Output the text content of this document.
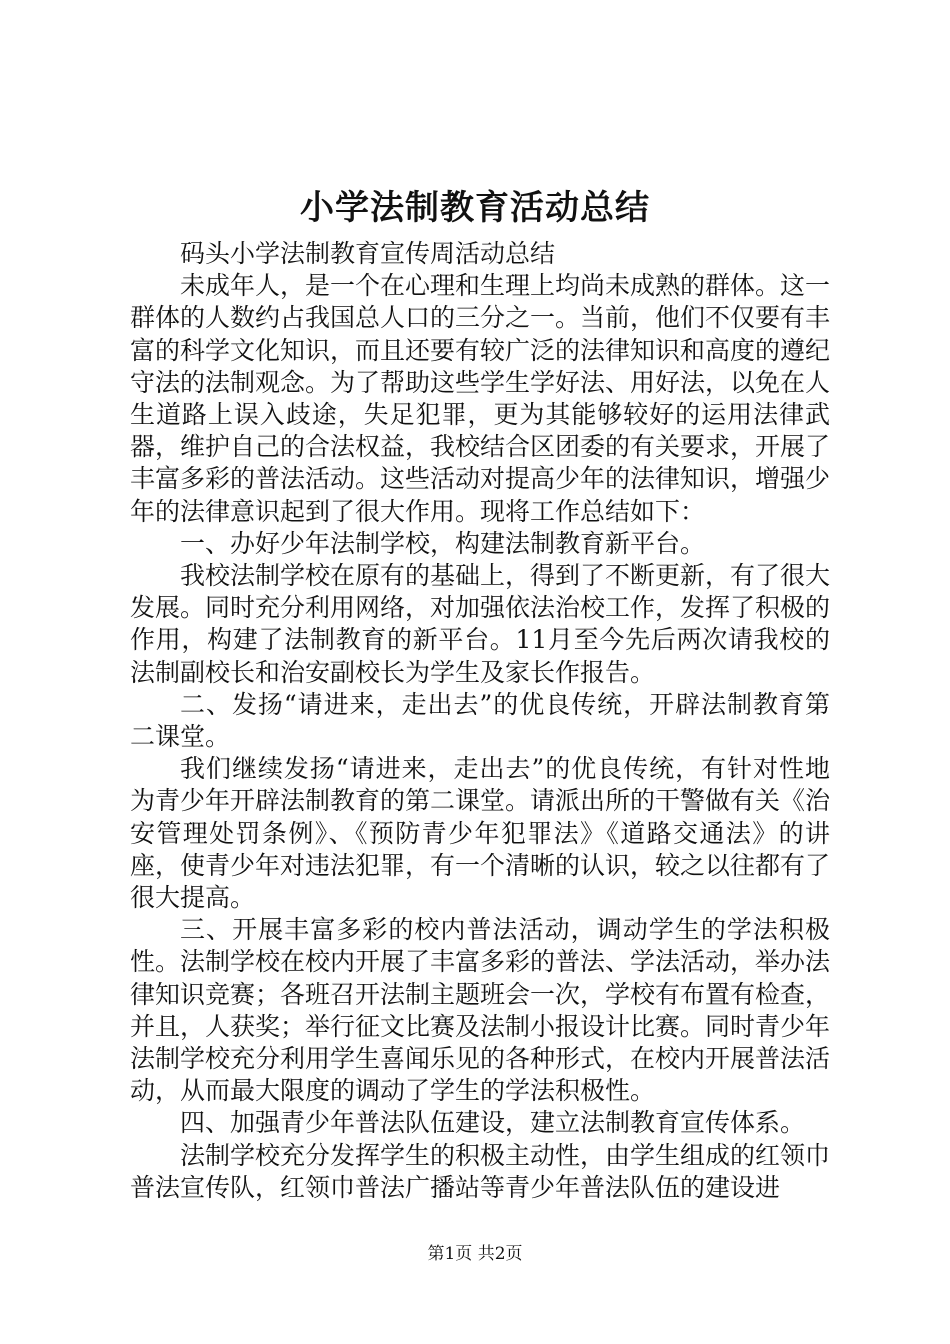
小学法制教育活动总结

码头小学法制教育宣传周活动总结

未成年人，是一个在心理和生理上均尚未成熟的群体。这一群体的人数约占我国总人口的三分之一。当前，他们不仅要有丰富的科学文化知识，而且还要有较广泛的法律知识和高度的遵纪守法的法制观念。为了帮助这些学生学好法、用好法，以免在人生道路上误入歧途，失足犯罪，更为其能够较好的运用法律武器，维护自己的合法权益，我校结合区团委的有关要求，开展了丰富多彩的普法活动。这些活动对提高少年的法律知识，增强少年的法律意识起到了很大作用。现将工作总结如下：

一、办好少年法制学校，构建法制教育新平台。

我校法制学校在原有的基础上，得到了不断更新，有了很大发展。同时充分利用网络，对加强依法治校工作，发挥了积极的作用，构建了法制教育的新平台。11月至今先后两次请我校的法制副校长和治安副校长为学生及家长作报告。

二、发扬“请进来，走出去”的优良传统，开辟法制教育第二课堂。

我们继续发扬“请进来，走出去”的优良传统，有针对性地为青少年开辟法制教育的第二课堂。请派出所的干警做有关《治安管理处罚条例》、《预防青少年犯罪法》《道路交通法》的讲座，使青少年对违法犯罪，有一个清晰的认识，较之以往都有了很大提高。

三、开展丰富多彩的校内普法活动，调动学生的学法积极性。法制学校在校内开展了丰富多彩的普法、学法活动，举办法律知识竞赛；各班召开法制主题班会一次，学校有布置有检查，并且，人获奖；举行征文比赛及法制小报设计比赛。同时青少年法制学校充分利用学生喜闻乐见的各种形式，在校内开展普法活动，从而最大限度的调动了学生的学法积极性。

四、加强青少年普法队伍建设，建立法制教育宣传体系。

法制学校充分发挥学生的积极主动性，由学生组成的红领巾普法宣传队，红领巾普法广播站等青少年普法队伍的建设进

第1页 共2页
